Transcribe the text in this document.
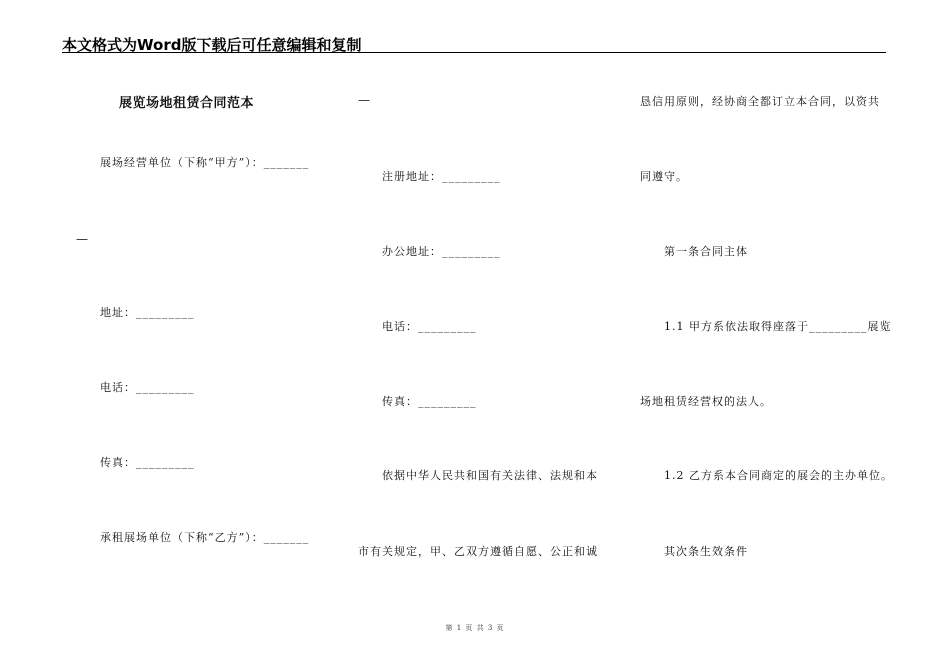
本文格式为Word版下载后可任意编辑和复制
展览场地租赁合同范本
展场经营单位（下称“甲方”）：_______
—
地址：_________
电话：_________
传真：_________
承租展场单位（下称“乙方”）：_______
—
注册地址：_________
办公地址：_________
电话：_________
传真：_________
依据中华人民共和国有关法律、法规和本
市有关规定，甲、乙双方遵循自愿、公正和诚
恳信用原则，经协商全都订立本合同，以资共
同遵守。
第一条合同主体
1.1 甲方系依法取得座落于_________展览
场地租赁经营权的法人。
1.2 乙方系本合同商定的展会的主办单位。
其次条生效条件
第 1 页 共 3 页
